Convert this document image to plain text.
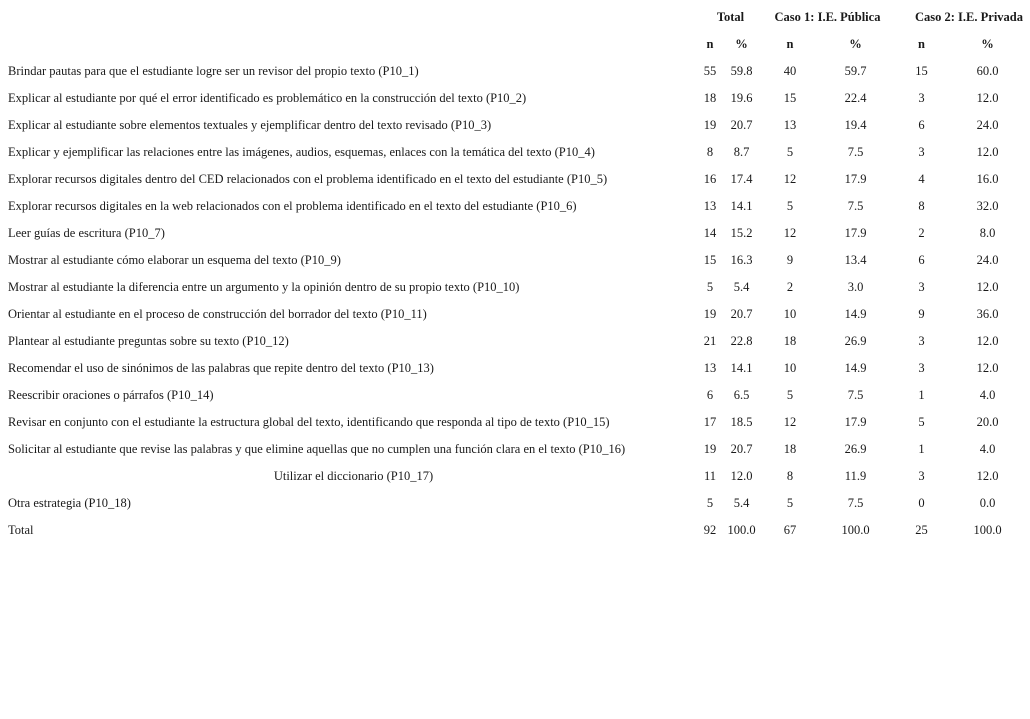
	Total		Caso 1: I.E. Pública		Caso 2: I.E. Privada	
	n	%	n	%	n	%
Brindar pautas para que el estudiante logre ser un revisor del propio texto (P10_1)	55	59.8	40	59.7	15	60.0
Explicar al estudiante por qué el error identificado es problemático en la construcción del texto (P10_2)	18	19.6	15	22.4	3	12.0
Explicar al estudiante sobre elementos textuales y ejemplificar dentro del texto revisado (P10_3)	19	20.7	13	19.4	6	24.0
Explicar y ejemplificar las relaciones entre las imágenes, audios, esquemas, enlaces con la temática del texto (P10_4)	8	8.7	5	7.5	3	12.0
Explorar recursos digitales dentro del CED relacionados con el problema identificado en el texto del estudiante (P10_5)	16	17.4	12	17.9	4	16.0
Explorar recursos digitales en la web relacionados con el problema identificado en el texto del estudiante (P10_6)	13	14.1	5	7.5	8	32.0
Leer guías de escritura (P10_7)	14	15.2	12	17.9	2	8.0
Mostrar al estudiante cómo elaborar un esquema del texto (P10_9)	15	16.3	9	13.4	6	24.0
Mostrar al estudiante la diferencia entre un argumento y la opinión dentro de su propio texto (P10_10)	5	5.4	2	3.0	3	12.0
Orientar al estudiante en el proceso de construcción del borrador del texto (P10_11)	19	20.7	10	14.9	9	36.0
Plantear al estudiante preguntas sobre su texto (P10_12)	21	22.8	18	26.9	3	12.0
Recomendar el uso de sinónimos de las palabras que repite dentro del texto (P10_13)	13	14.1	10	14.9	3	12.0
Reescribir oraciones o párrafos (P10_14)	6	6.5	5	7.5	1	4.0
Revisar en conjunto con el estudiante la estructura global del texto, identificando que responda al tipo de texto (P10_15)	17	18.5	12	17.9	5	20.0
Solicitar al estudiante que revise las palabras y que elimine aquellas que no cumplen una función clara en el texto (P10_16)	19	20.7	18	26.9	1	4.0
Utilizar el diccionario (P10_17)	11	12.0	8	11.9	3	12.0
Otra estrategia (P10_18)	5	5.4	5	7.5	0	0.0
Total	92	100.0	67	100.0	25	100.0
